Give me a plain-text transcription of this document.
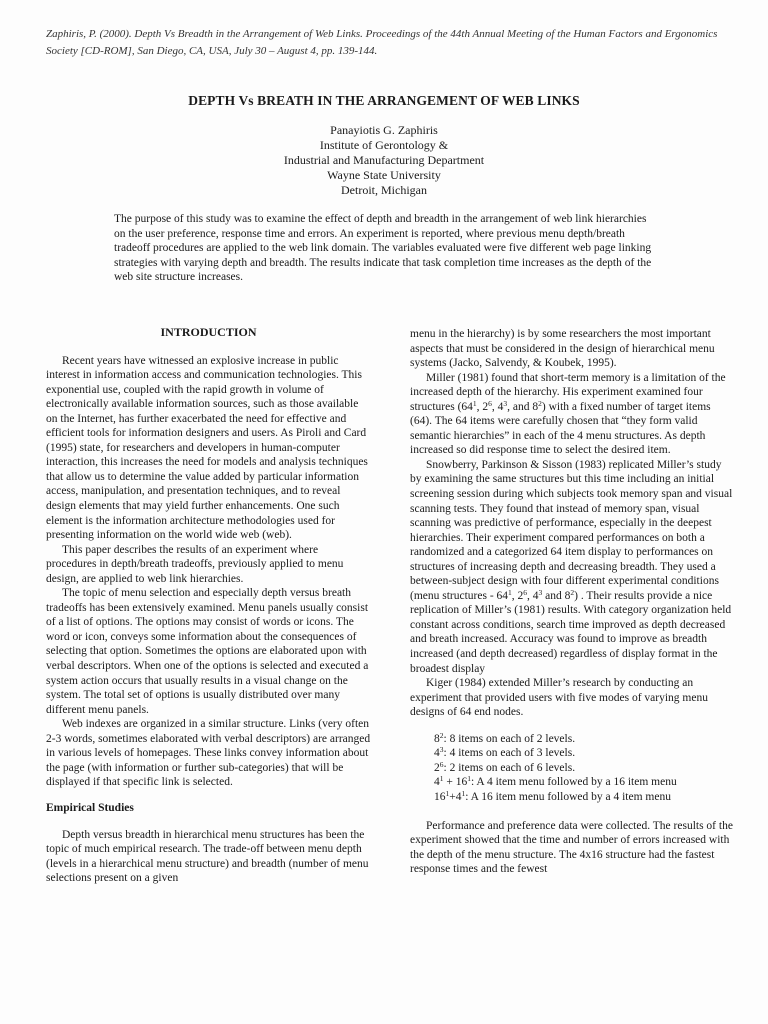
Zaphiris, P. (2000). Depth Vs Breadth in the Arrangement of Web Links. Proceedings of the 44th Annual Meeting of the Human Factors and Ergonomics Society [CD-ROM], San Diego, CA, USA, July 30 – August 4, pp. 139-144.
DEPTH Vs BREATH IN THE ARRANGEMENT OF WEB LINKS
Panayiotis G. Zaphiris
Institute of Gerontology &
Industrial and Manufacturing Department
Wayne State University
Detroit, Michigan
The purpose of this study was to examine the effect of depth and breadth in the arrangement of web link hierarchies on the user preference, response time and errors. An experiment is reported, where previous menu depth/breath tradeoff procedures are applied to the web link domain. The variables evaluated were five different web page linking strategies with varying depth and breadth. The results indicate that task completion time increases as the depth of the web site structure increases.
INTRODUCTION

Recent years have witnessed an explosive increase in public interest in information access and communication technologies. This exponential use, coupled with the rapid growth in volume of electronically available information sources, such as those available on the Internet, has further exacerbated the need for effective and efficient tools for information designers and users. As Piroli and Card (1995) state, for researchers and developers in human-computer interaction, this increases the need for models and analysis techniques that allow us to determine the value added by particular information access, manipulation, and presentation techniques, and to reveal design elements that may yield further enhancements. One such element is the information architecture methodologies used for presenting information on the world wide web (web).

This paper describes the results of an experiment where procedures in depth/breath tradeoffs, previously applied to menu design, are applied to web link hierarchies.

The topic of menu selection and especially depth versus breath tradeoffs has been extensively examined. Menu panels usually consist of a list of options. The options may consist of words or icons. The word or icon, conveys some information about the consequences of selecting that option. Sometimes the options are elaborated upon with verbal descriptors. When one of the options is selected and executed a system action occurs that usually results in a visual change on the system. The total set of options is usually distributed over many different menu panels.

Web indexes are organized in a similar structure. Links (very often 2-3 words, sometimes elaborated with verbal descriptors) are arranged in various levels of homepages. These links convey information about the page (with information or further sub-categories) that will be displayed if that specific link is selected.

Empirical Studies

Depth versus breadth in hierarchical menu structures has been the topic of much empirical research. The trade-off between menu depth (levels in a hierarchical menu structure) and breadth (number of menu selections present on a given

menu in the hierarchy) is by some researchers the most important aspects that must be considered in the design of hierarchical menu systems (Jacko, Salvendy, & Koubek, 1995).

Miller (1981) found that short-term memory is a limitation of the increased depth of the hierarchy. His experiment examined four structures ($64^1$, $2^6$, $4^3$, and $8^2$) with a fixed number of target items (64). The 64 items were carefully chosen that “they form valid semantic hierarchies” in each of the 4 menu structures. As depth increased so did response time to select the desired item.

Snowberry, Parkinson & Sisson (1983) replicated Miller’s study by examining the same structures but this time including an initial screening session during which subjects took memory span and visual scanning tests. They found that instead of memory span, visual scanning was predictive of performance, especially in the deepest hierarchies. Their experiment compared performances on both a randomized and a categorized 64 item display to performances on structures of increasing depth and decreasing breadth. They used a between-subject design with four different experimental conditions (menu structures - $64^1$, $2^6$, $4^3$ and $8^2$) . Their results provide a nice replication of Miller’s (1981) results. With category organization held constant across conditions, search time improved as depth decreased and breath increased. Accuracy was found to improve as breadth increased (and depth decreased) regardless of display format in the broadest display

Kiger (1984) extended Miller’s research by conducting an experiment that provided users with five modes of varying menu designs of 64 end nodes.

$8^2$: 8 items on each of 2 levels.
$4^3$: 4 items on each of 3 levels.
$2^6$: 2 items on each of 6 levels.
$4^1 + 16^1$: A 4 item menu followed by a 16 item menu
$16^1+4^1$: A 16 item menu followed by a 4 item menu

Performance and preference data were collected. The results of the experiment showed that the time and number of errors increased with the depth of the menu structure. The 4x16 structure had the fastest response times and the fewest
